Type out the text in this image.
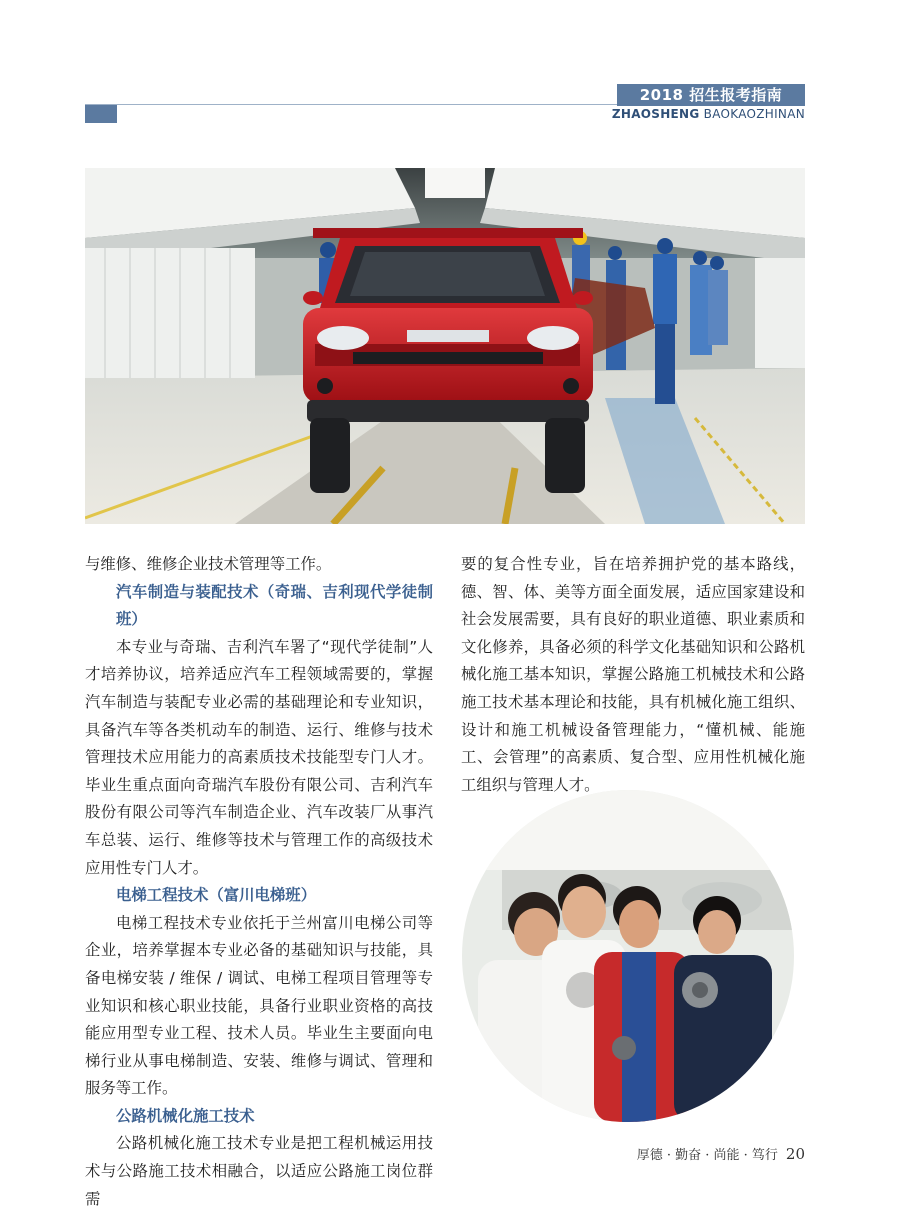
2018 招生报考指南
ZHAOSHENG BAOKAOZHINAN

与维修、维修企业技术管理等工作。

汽车制造与装配技术（奇瑞、吉利现代学徒制班）

本专业与奇瑞、吉利汽车署了“现代学徒制”人才培养协议，培养适应汽车工程领域需要的，掌握汽车制造与装配专业必需的基础理论和专业知识，具备汽车等各类机动车的制造、运行、维修与技术管理技术应用能力的高素质技术技能型专门人才。毕业生重点面向奇瑞汽车股份有限公司、吉利汽车股份有限公司等汽车制造企业、汽车改装厂从事汽车总装、运行、维修等技术与管理工作的高级技术应用性专门人才。

电梯工程技术（富川电梯班）

电梯工程技术专业依托于兰州富川电梯公司等企业，培养掌握本专业必备的基础知识与技能，具备电梯安装 / 维保 / 调试、电梯工程项目管理等专业知识和核心职业技能，具备行业职业资格的高技能应用型专业工程、技术人员。毕业生主要面向电梯行业从事电梯制造、安装、维修与调试、管理和服务等工作。

公路机械化施工技术

公路机械化施工技术专业是把工程机械运用技术与公路施工技术相融合，以适应公路施工岗位群需

要的复合性专业，旨在培养拥护党的基本路线，德、智、体、美等方面全面发展，适应国家建设和社会发展需要，具有良好的职业道德、职业素质和文化修养，具备必须的科学文化基础知识和公路机械化施工基本知识，掌握公路施工机械技术和公路施工技术基本理论和技能，具有机械化施工组织、设计和施工机械设备管理能力，“懂机械、能施工、会管理”的高素质、复合型、应用性机械化施工组织与管理人才。

厚德 · 勤奋 · 尚能 · 笃行 20
